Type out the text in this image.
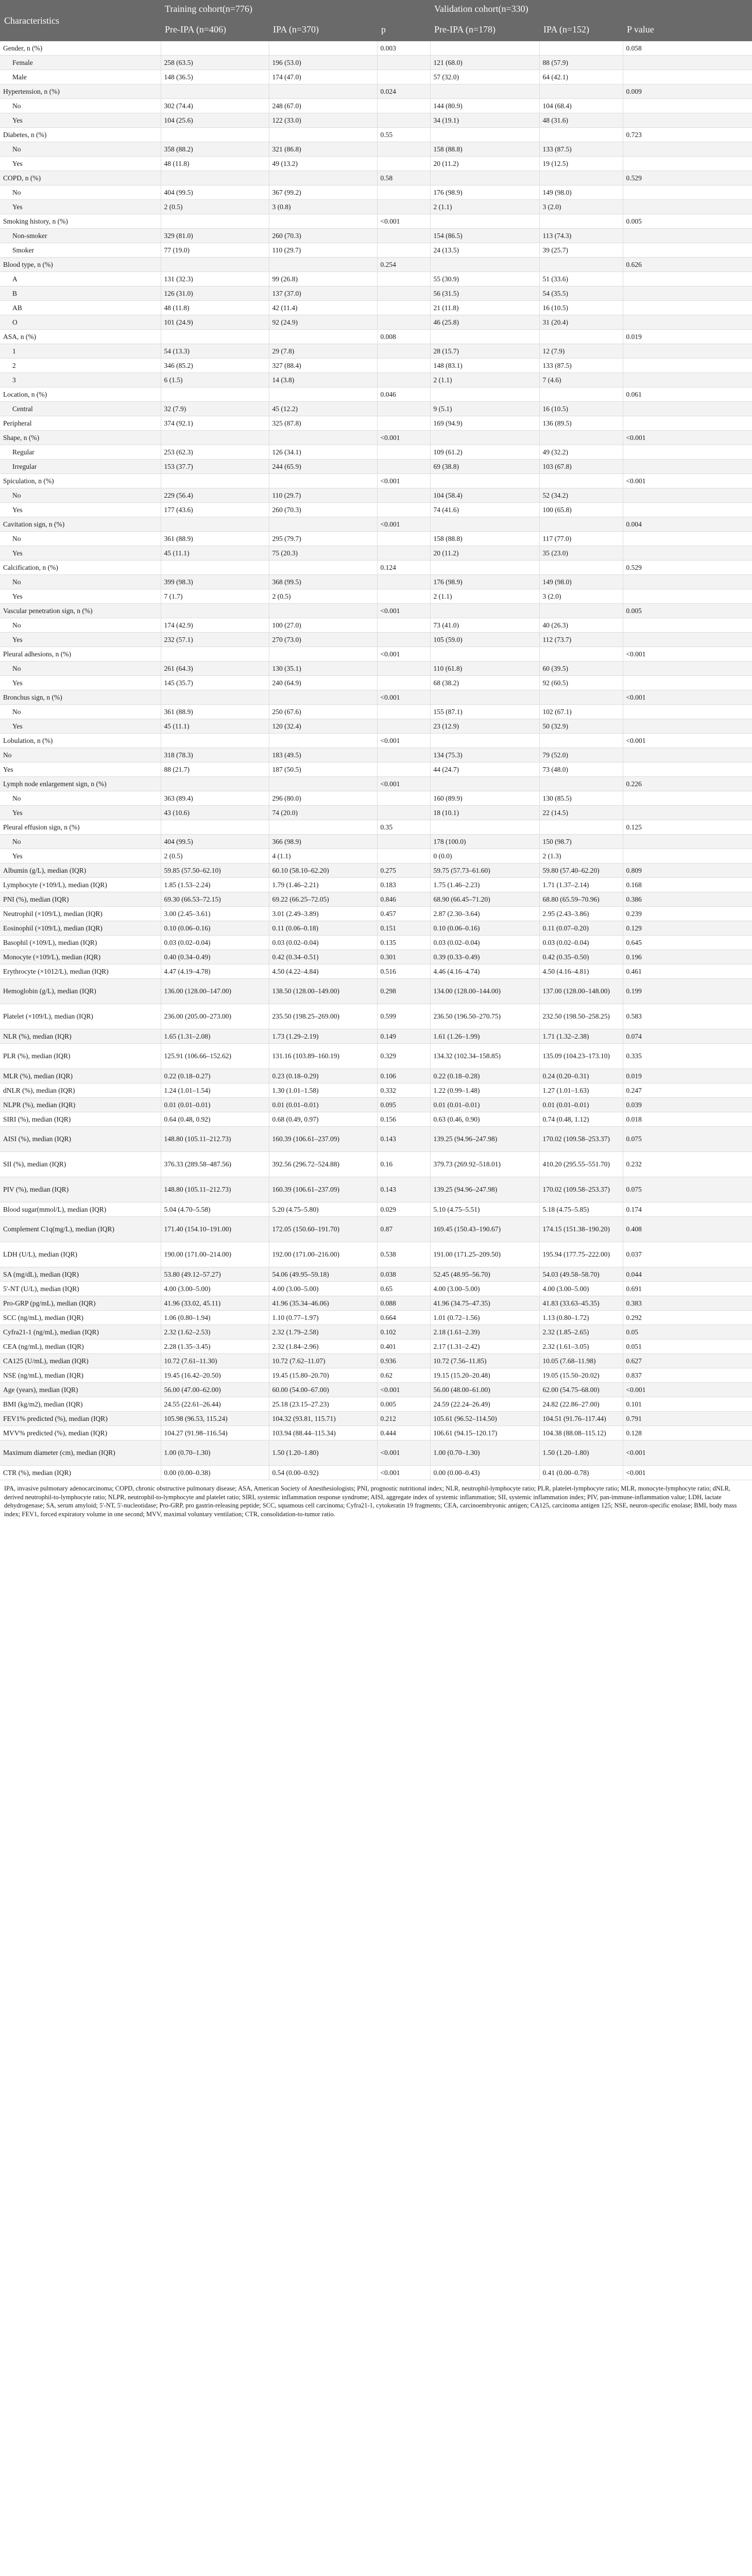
Characteristics	Training cohort(n=776)			Validation cohort(n=330)		
	Pre-IPA (n=406)	IPA (n=370)	p	Pre-IPA (n=178)	IPA (n=152)	P value
Gender, n (%)			0.003			0.058
Female	258 (63.5)	196 (53.0)		121 (68.0)	88 (57.9)	
Male	148 (36.5)	174 (47.0)		57 (32.0)	64 (42.1)	
Hypertension, n (%)			0.024			0.009
No	302 (74.4)	248 (67.0)		144 (80.9)	104 (68.4)	
Yes	104 (25.6)	122 (33.0)		34 (19.1)	48 (31.6)	
Diabetes, n (%)			0.55			0.723
No	358 (88.2)	321 (86.8)		158 (88.8)	133 (87.5)	
Yes	48 (11.8)	49 (13.2)		20 (11.2)	19 (12.5)	
COPD, n (%)			0.58			0.529
No	404 (99.5)	367 (99.2)		176 (98.9)	149 (98.0)	
Yes	2 (0.5)	3 (0.8)		2 (1.1)	3 (2.0)	
Smoking history, n (%)			<0.001			0.005
Non-smoker	329 (81.0)	260 (70.3)		154 (86.5)	113 (74.3)	
Smoker	77 (19.0)	110 (29.7)		24 (13.5)	39 (25.7)	
Blood type, n (%)			0.254			0.626
A	131 (32.3)	99 (26.8)		55 (30.9)	51 (33.6)	
B	126 (31.0)	137 (37.0)		56 (31.5)	54 (35.5)	
AB	48 (11.8)	42 (11.4)		21 (11.8)	16 (10.5)	
O	101 (24.9)	92 (24.9)		46 (25.8)	31 (20.4)	
ASA, n (%)			0.008			0.019
1	54 (13.3)	29 (7.8)		28 (15.7)	12 (7.9)	
2	346 (85.2)	327 (88.4)		148 (83.1)	133 (87.5)	
3	6 (1.5)	14 (3.8)		2 (1.1)	7 (4.6)	
Location, n (%)			0.046			0.061
Central	32 (7.9)	45 (12.2)		9 (5.1)	16 (10.5)	
Peripheral	374 (92.1)	325 (87.8)		169 (94.9)	136 (89.5)	
Shape, n (%)			<0.001			<0.001
Regular	253 (62.3)	126 (34.1)		109 (61.2)	49 (32.2)	
Irregular	153 (37.7)	244 (65.9)		69 (38.8)	103 (67.8)	
Spiculation, n (%)			<0.001			<0.001
No	229 (56.4)	110 (29.7)		104 (58.4)	52 (34.2)	
Yes	177 (43.6)	260 (70.3)		74 (41.6)	100 (65.8)	
Cavitation sign, n (%)			<0.001			0.004
No	361 (88.9)	295 (79.7)		158 (88.8)	117 (77.0)	
Yes	45 (11.1)	75 (20.3)		20 (11.2)	35 (23.0)	
Calcification, n (%)			0.124			0.529
No	399 (98.3)	368 (99.5)		176 (98.9)	149 (98.0)	
Yes	7 (1.7)	2 (0.5)		2 (1.1)	3 (2.0)	
Vascular penetration sign, n (%)			<0.001			0.005
No	174 (42.9)	100 (27.0)		73 (41.0)	40 (26.3)	
Yes	232 (57.1)	270 (73.0)		105 (59.0)	112 (73.7)	
Pleural adhesions, n (%)			<0.001			<0.001
No	261 (64.3)	130 (35.1)		110 (61.8)	60 (39.5)	
Yes	145 (35.7)	240 (64.9)		68 (38.2)	92 (60.5)	
Bronchus sign, n (%)			<0.001			<0.001
No	361 (88.9)	250 (67.6)		155 (87.1)	102 (67.1)	
Yes	45 (11.1)	120 (32.4)		23 (12.9)	50 (32.9)	
Lobulation, n (%)			<0.001			<0.001
No	318 (78.3)	183 (49.5)		134 (75.3)	79 (52.0)	
Yes	88 (21.7)	187 (50.5)		44 (24.7)	73 (48.0)	
Lymph node enlargement sign, n (%)			<0.001			0.226
No	363 (89.4)	296 (80.0)		160 (89.9)	130 (85.5)	
Yes	43 (10.6)	74 (20.0)		18 (10.1)	22 (14.5)	
Pleural effusion sign, n (%)			0.35			0.125
No	404 (99.5)	366 (98.9)		178 (100.0)	150 (98.7)	
Yes	2 (0.5)	4 (1.1)		0 (0.0)	2 (1.3)	
Albumin (g/L), median (IQR)	59.85 (57.50–62.10)	60.10 (58.10–62.20)	0.275	59.75 (57.73–61.60)	59.80 (57.40–62.20)	0.809
Lymphocyte (×109/L), median (IQR)	1.85 (1.53–2.24)	1.79 (1.46–2.21)	0.183	1.75 (1.46–2.23)	1.71 (1.37–2.14)	0.168
PNI (%), median (IQR)	69.30 (66.53–72.15)	69.22 (66.25–72.05)	0.846	68.90 (66.45–71.20)	68.80 (65.59–70.96)	0.386
Neutrophil (×109/L), median (IQR)	3.00 (2.45–3.61)	3.01 (2.49–3.89)	0.457	2.87 (2.30–3.64)	2.95 (2.43–3.86)	0.239
Eosinophil (×109/L), median (IQR)	0.10 (0.06–0.16)	0.11 (0.06–0.18)	0.151	0.10 (0.06–0.16)	0.11 (0.07–0.20)	0.129
Basophil (×109/L), median (IQR)	0.03 (0.02–0.04)	0.03 (0.02–0.04)	0.135	0.03 (0.02–0.04)	0.03 (0.02–0.04)	0.645
Monocyte (×109/L), median (IQR)	0.40 (0.34–0.49)	0.42 (0.34–0.51)	0.301	0.39 (0.33–0.49)	0.42 (0.35–0.50)	0.196
Erythrocyte (×1012/L), median (IQR)	4.47 (4.19–4.78)	4.50 (4.22–4.84)	0.516	4.46 (4.16–4.74)	4.50 (4.16–4.81)	0.461
Hemoglobin (g/L), median (IQR)	136.00 (128.00–147.00)	138.50 (128.00–149.00)	0.298	134.00 (128.00–144.00)	137.00 (128.00–148.00)	0.199
Platelet (×109/L), median (IQR)	236.00 (205.00–273.00)	235.50 (198.25–269.00)	0.599	236.50 (196.50–270.75)	232.50 (198.50–258.25)	0.583
NLR (%), median (IQR)	1.65 (1.31–2.08)	1.73 (1.29–2.19)	0.149	1.61 (1.26–1.99)	1.71 (1.32–2.38)	0.074
PLR (%), median (IQR)	125.91 (106.66–152.62)	131.16 (103.89–160.19)	0.329	134.32 (102.34–158.85)	135.09 (104.23–173.10)	0.335
MLR (%), median (IQR)	0.22 (0.18–0.27)	0.23 (0.18–0.29)	0.106	0.22 (0.18–0.28)	0.24 (0.20–0.31)	0.019
dNLR (%), median (IQR)	1.24 (1.01–1.54)	1.30 (1.01–1.58)	0.332	1.22 (0.99–1.48)	1.27 (1.01–1.63)	0.247
NLPR (%), median (IQR)	0.01 (0.01–0.01)	0.01 (0.01–0.01)	0.095	0.01 (0.01–0.01)	0.01 (0.01–0.01)	0.039
SIRI (%), median (IQR)	0.64 (0.48, 0.92)	0.68 (0.49, 0.97)	0.156	0.63 (0.46, 0.90)	0.74 (0.48, 1.12)	0.018
AISI (%), median (IQR)	148.80 (105.11–212.73)	160.39 (106.61–237.09)	0.143	139.25 (94.96–247.98)	170.02 (109.58–253.37)	0.075
SII (%), median (IQR)	376.33 (289.58–487.56)	392.56 (296.72–524.88)	0.16	379.73 (269.92–518.01)	410.20 (295.55–551.70)	0.232
PIV (%), median (IQR)	148.80 (105.11–212.73)	160.39 (106.61–237.09)	0.143	139.25 (94.96–247.98)	170.02 (109.58–253.37)	0.075
Blood sugar(mmol/L), median (IQR)	5.04 (4.70–5.58)	5.20 (4.75–5.80)	0.029	5.10 (4.75–5.51)	5.18 (4.75–5.85)	0.174
Complement C1q(mg/L), median (IQR)	171.40 (154.10–191.00)	172.05 (150.60–191.70)	0.87	169.45 (150.43–190.67)	174.15 (151.38–190.20)	0.408
LDH (U/L), median (IQR)	190.00 (171.00–214.00)	192.00 (171.00–216.00)	0.538	191.00 (171.25–209.50)	195.94 (177.75–222.00)	0.037
SA (mg/dL), median (IQR)	53.80 (49.12–57.27)	54.06 (49.95–59.18)	0.038	52.45 (48.95–56.70)	54.03 (49.58–58.70)	0.044
5'-NT (U/L), median (IQR)	4.00 (3.00–5.00)	4.00 (3.00–5.00)	0.65	4.00 (3.00–5.00)	4.00 (3.00–5.00)	0.691
Pro-GRP (pg/mL), median (IQR)	41.96 (33.02, 45.11)	41.96 (35.34–46.06)	0.088	41.96 (34.75–47.35)	41.83 (33.63–45.35)	0.383
SCC (ng/mL), median (IQR)	1.06 (0.80–1.94)	1.10 (0.77–1.97)	0.664	1.01 (0.72–1.56)	1.13 (0.80–1.72)	0.292
Cyfra21-1 (ng/mL), median (IQR)	2.32 (1.62–2.53)	2.32 (1.79–2.58)	0.102	2.18 (1.61–2.39)	2.32 (1.85–2.65)	0.05
CEA (ng/mL), median (IQR)	2.28 (1.35–3.45)	2.32 (1.84–2.96)	0.401	2.17 (1.31–2.42)	2.32 (1.61–3.05)	0.051
CA125 (U/mL), median (IQR)	10.72 (7.61–11.30)	10.72 (7.62–11.07)	0.936	10.72 (7.56–11.85)	10.05 (7.68–11.98)	0.627
NSE (ng/mL), median (IQR)	19.45 (16.42–20.50)	19.45 (15.80–20.70)	0.62	19.15 (15.20–20.48)	19.05 (15.50–20.02)	0.837
Age (years), median (IQR)	56.00 (47.00–62.00)	60.00 (54.00–67.00)	<0.001	56.00 (48.00–61.00)	62.00 (54.75–68.00)	<0.001
BMI (kg/m2), median (IQR)	24.55 (22.61–26.44)	25.18 (23.15–27.23)	0.005	24.59 (22.24–26.49)	24.82 (22.86–27.00)	0.101
FEV1% predicted (%), median (IQR)	105.98 (96.53, 115.24)	104.32 (93.81, 115.71)	0.212	105.61 (96.52–114.50)	104.51 (91.76–117.44)	0.791
MVV% predicted (%), median (IQR)	104.27 (91.98–116.54)	103.94 (88.44–115.34)	0.444	106.61 (94.15–120.17)	104.38 (88.08–115.12)	0.128
Maximum diameter (cm), median (IQR)	1.00 (0.70–1.30)	1.50 (1.20–1.80)	<0.001	1.00 (0.70–1.30)	1.50 (1.20–1.80)	<0.001
CTR (%), median (IQR)	0.00 (0.00–0.38)	0.54 (0.00–0.92)	<0.001	0.00 (0.00–0.43)	0.41 (0.00–0.78)	<0.001
IPA, invasive pulmonary adenocarcinoma; COPD, chronic obstructive pulmonary disease; ASA, American Society of Anesthesiologists; PNI, prognostic nutritional index; NLR, neutrophil-lymphocyte ratio; PLR, platelet-lymphocyte ratio; MLR, monocyte-lymphocyte ratio; dNLR, derived neutrophil-to-lymphocyte ratio; NLPR, neutrophil-to-lymphocyte and platelet ratio; SIRI, systemic inflammation response syndrome; AISI, aggregate index of systemic inflammation; SII, systemic inflammation index; PIV, pan-immune-inflammation value; LDH, lactate dehydrogenase; SA, serum amyloid; 5'-NT, 5'-nucleotidase; Pro-GRP, pro gastrin-releasing peptide; SCC, squamous cell carcinoma; Cyfra21-1, cytokeratin 19 fragments; CEA, carcinoembryonic antigen; CA125, carcinoma antigen 125; NSE, neuron-specific enolase; BMI, body mass index; FEV1, forced expiratory volume in one second; MVV, maximal voluntary ventilation; CTR, consolidation-to-tumor ratio.
